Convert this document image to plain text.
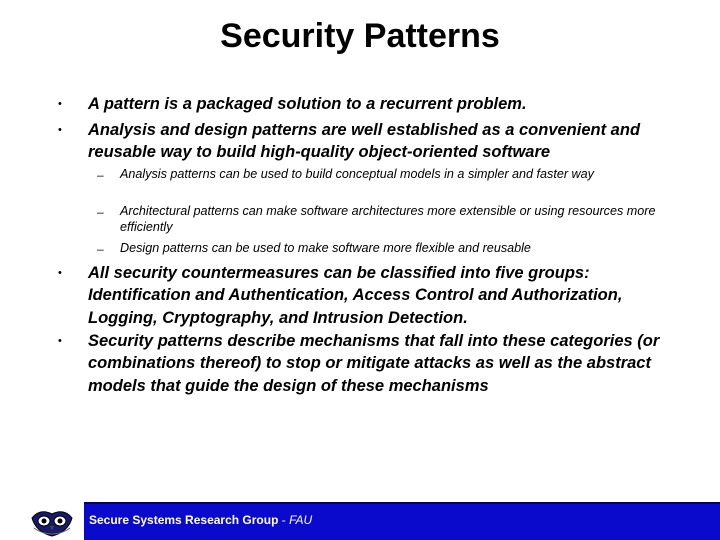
Security Patterns
• A pattern is a packaged solution to a recurrent problem.
• Analysis and design patterns are well established as a convenient and reusable way to build high-quality object-oriented software
– Analysis patterns can be used to build conceptual models in a simpler and faster way
– Architectural patterns can make software architectures more extensible or using resources more efficiently
– Design patterns can be used to make software more flexible and reusable
• All security countermeasures can be classified into five groups: Identification and Authentication, Access Control and Authorization, Logging, Cryptography, and Intrusion Detection.
• Security patterns describe mechanisms that fall into these categories (or combinations thereof) to stop or mitigate attacks as well as the abstract models that guide the design of these mechanisms
Secure Systems Research Group - FAU
